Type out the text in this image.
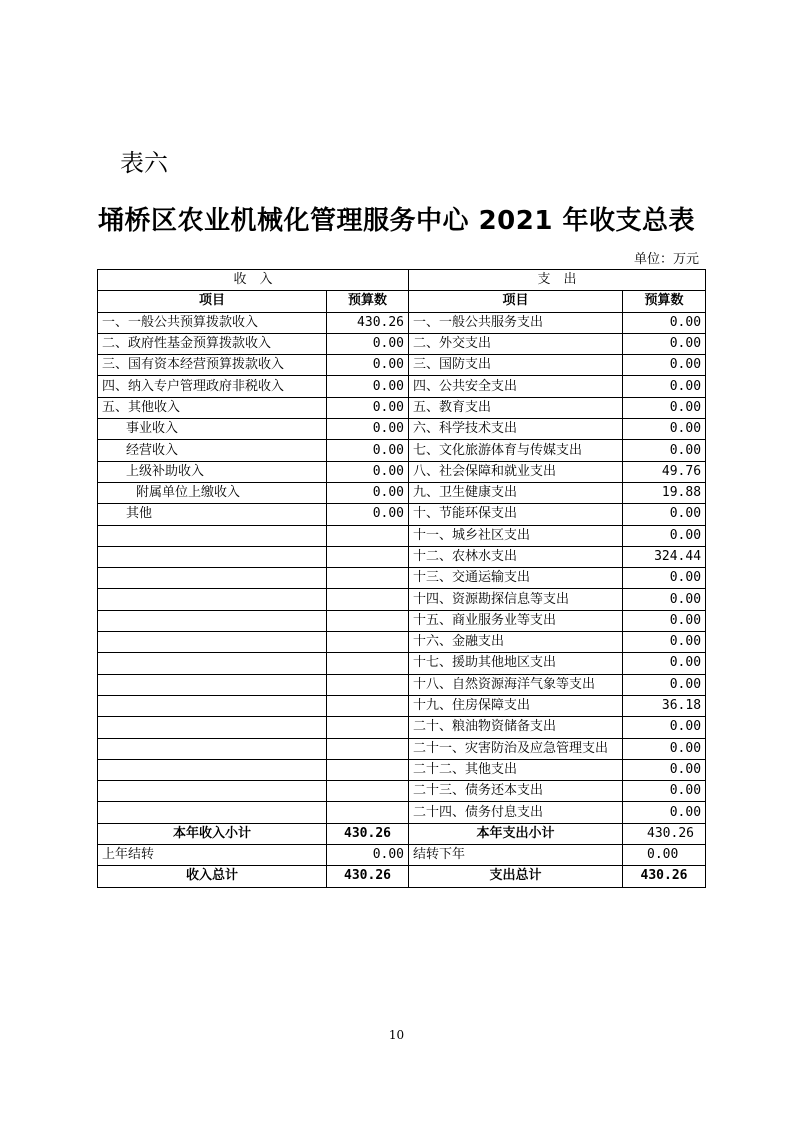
表六
埇桥区农业机械化管理服务中心 2021 年收支总表
单位：万元
收　入		支　出	
项目	预算数	项目	预算数
一、一般公共预算拨款收入	430.26	一、一般公共服务支出	0.00
二、政府性基金预算拨款收入	0.00	二、外交支出	0.00
三、国有资本经营预算拨款收入	0.00	三、国防支出	0.00
四、纳入专户管理政府非税收入	0.00	四、公共安全支出	0.00
五、其他收入	0.00	五、教育支出	0.00
事业收入	0.00	六、科学技术支出	0.00
经营收入	0.00	七、文化旅游体育与传媒支出	0.00
上级补助收入	0.00	八、社会保障和就业支出	49.76
附属单位上缴收入	0.00	九、卫生健康支出	19.88
其他	0.00	十、节能环保支出	0.00
		十一、城乡社区支出	0.00
		十二、农林水支出	324.44
		十三、交通运输支出	0.00
		十四、资源勘探信息等支出	0.00
		十五、商业服务业等支出	0.00
		十六、金融支出	0.00
		十七、援助其他地区支出	0.00
		十八、自然资源海洋气象等支出	0.00
		十九、住房保障支出	36.18
		二十、粮油物资储备支出	0.00
		二十一、灾害防治及应急管理支出	0.00
		二十二、其他支出	0.00
		二十三、债务还本支出	0.00
		二十四、债务付息支出	0.00
本年收入小计	430.26	本年支出小计	430.26
上年结转	0.00	结转下年	0.00
收入总计	430.26	支出总计	430.26
10
